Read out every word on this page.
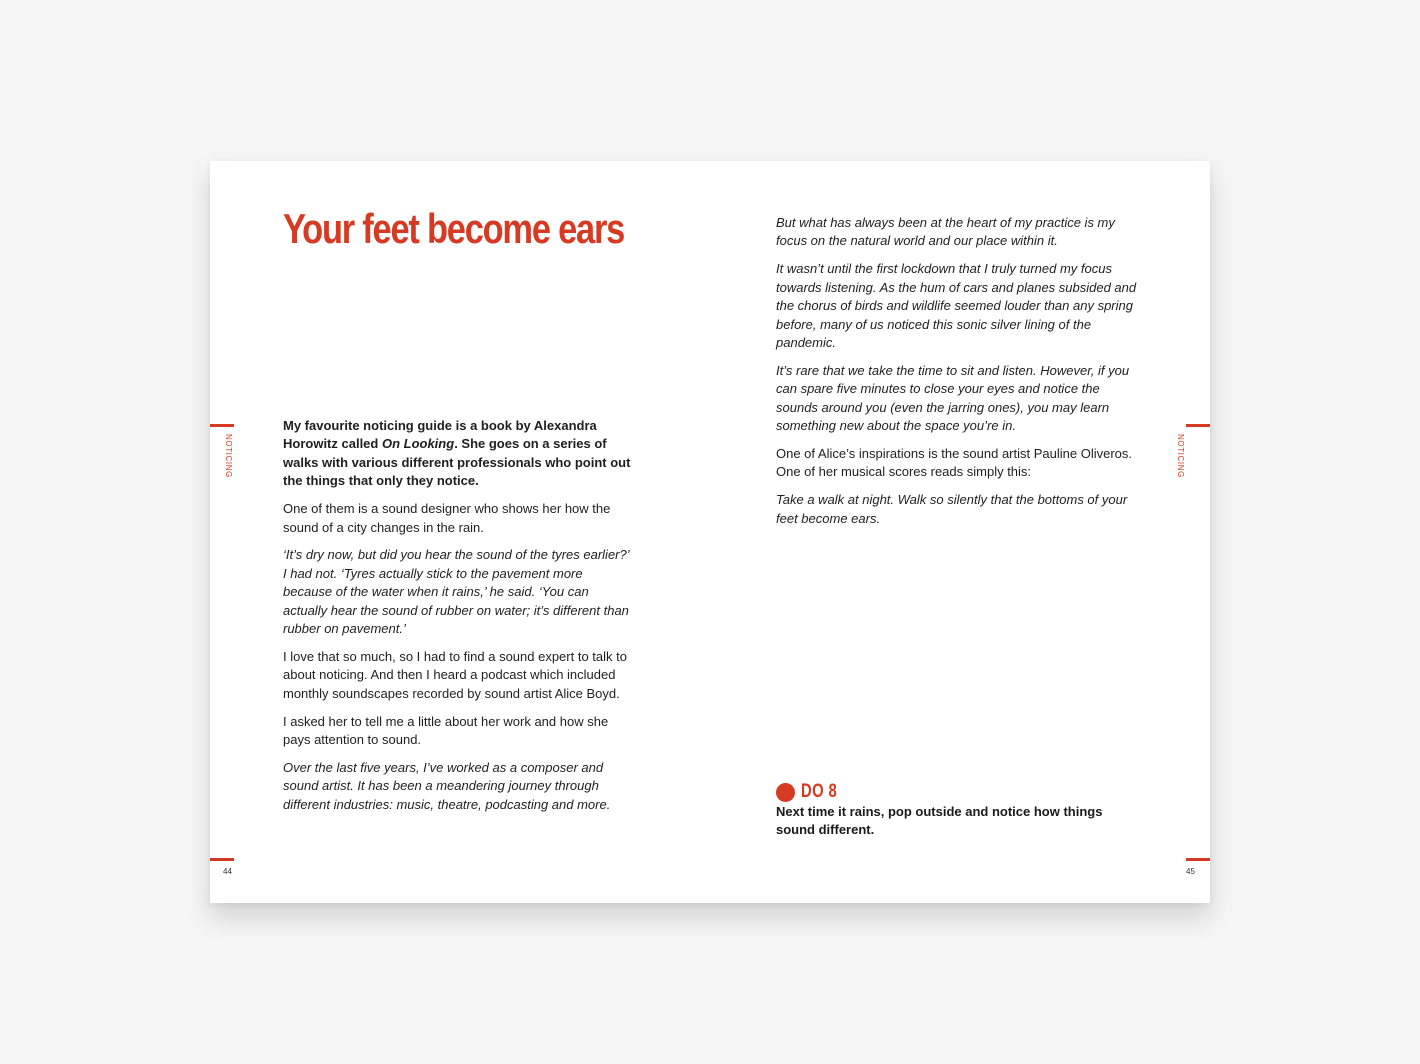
Your feet become ears

My favourite noticing guide is a book by Alexandra Horowitz called On Looking. She goes on a series of walks with various different professionals who point out the things that only they notice.

One of them is a sound designer who shows her how the sound of a city changes in the rain.

‘It’s dry now, but did you hear the sound of the tyres earlier?’ I had not. ‘Tyres actually stick to the pavement more because of the water when it rains,’ he said. ‘You can actually hear the sound of rubber on water; it’s different than rubber on pavement.’

I love that so much, so I had to find a sound expert to talk to about noticing. And then I heard a podcast which included monthly soundscapes recorded by sound artist Alice Boyd.

I asked her to tell me a little about her work and how she pays attention to sound.

Over the last five years, I’ve worked as a composer and sound artist. It has been a meandering journey through different industries: music, theatre, podcasting and more.

NOTICING
44

But what has always been at the heart of my practice is my focus on the natural world and our place within it.

It wasn’t until the first lockdown that I truly turned my focus towards listening. As the hum of cars and planes subsided and the chorus of birds and wildlife seemed louder than any spring before, many of us noticed this sonic silver lining of the pandemic.

It’s rare that we take the time to sit and listen. However, if you can spare five minutes to close your eyes and notice the sounds around you (even the jarring ones), you may learn something new about the space you’re in.

One of Alice’s inspirations is the sound artist Pauline Oliveros. One of her musical scores reads simply this:

Take a walk at night. Walk so silently that the bottoms of your feet become ears.

DO 8

Next time it rains, pop outside and notice how things sound different.

NOTICING
45
